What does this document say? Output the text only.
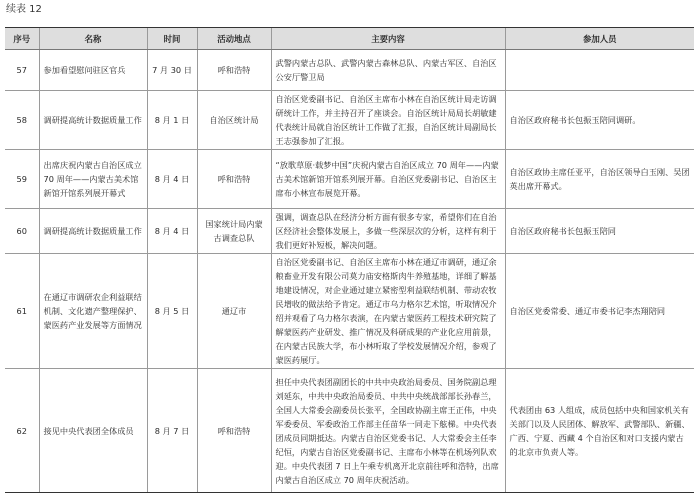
续表 12
序号	名称	时间	活动地点	主要内容	参加人员
57	参加看望慰问驻区官兵	7 月 30 日	呼和浩特	武警内蒙古总队、武警内蒙古森林总队、内蒙古军区、自治区公安厅警卫局	
58	调研提高统计数据质量工作	8 月 1 日	自治区统计局	自治区党委副书记、自治区主席布小林在自治区统计局走访调研统计工作，并主持召开了座谈会。自治区统计局局长胡敏建代表统计局就自治区统计工作做了汇报，自治区统计局副局长王志强参加了汇报。	自治区政府秘书长包振玉陪同调研。
59	出席庆祝内蒙古自治区成立 70 周年——内蒙古美术馆新馆开馆系列展开幕式	8 月 4 日	呼和浩特	“放歌草原·载梦中国”庆祝内蒙古自治区成立 70 周年——内蒙古美术馆新馆开馆系列展开幕。自治区党委副书记、自治区主席布小林宣布展览开幕。	自治区政协主席任亚平，自治区领导白玉刚、吴团英出席开幕式。
60	调研提高统计数据质量工作	8 月 4 日	国家统计局内蒙古调查总队	强调，调查总队在经济分析方面有很多专家，希望你们在自治区经济社会整体发展上，多做一些深层次的分析，这样有利于我们更好补短板，解决问题。	自治区政府秘书长包振玉陪同
61	在通辽市调研农企利益联结机制、文化遗产整理保护、蒙医药产业发展等方面情况	8 月 5 日	通辽市	自治区党委副书记、自治区主席布小林在通辽市调研，通辽余粮畜业开发有限公司莫力庙安格斯肉牛养殖基地，详细了解基地建设情况，对企业通过建立紧密型利益联结机制、带动农牧民增收的做法给予肯定。通辽市乌力格尔艺术馆，听取情况介绍并观看了乌力格尔表演，在内蒙古蒙医药工程技术研究院了解蒙医药产业研发、推广情况及科研成果的产业化应用前景，在内蒙古民族大学，布小林听取了学校发展情况介绍，参观了蒙医药展厅。	自治区党委常委、通辽市委书记李杰翔陪同
62	接见中央代表团全体成员	8 月 7 日	呼和浩特	担任中央代表团副团长的中共中央政治局委员、国务院副总理刘延东，中共中央政治局委员、中共中央统战部部长孙春兰，全国人大常委会副委员长张平，全国政协副主席王正伟，中央军委委员、军委政治工作部主任苗华一同走下舷梯。中央代表团成员同期抵达。内蒙古自治区党委书记、人大常委会主任李纪恒，内蒙古自治区党委副书记、主席布小林等在机场列队欢迎。中央代表团 7 日上午乘专机离开北京前往呼和浩特，出席内蒙古自治区成立 70 周年庆祝活动。	代表团由 63 人组成，成员包括中央和国家机关有关部门以及人民团体、解放军、武警部队、新疆、广西、宁夏、西藏 4 个自治区和对口支援内蒙古的北京市负责人等。
